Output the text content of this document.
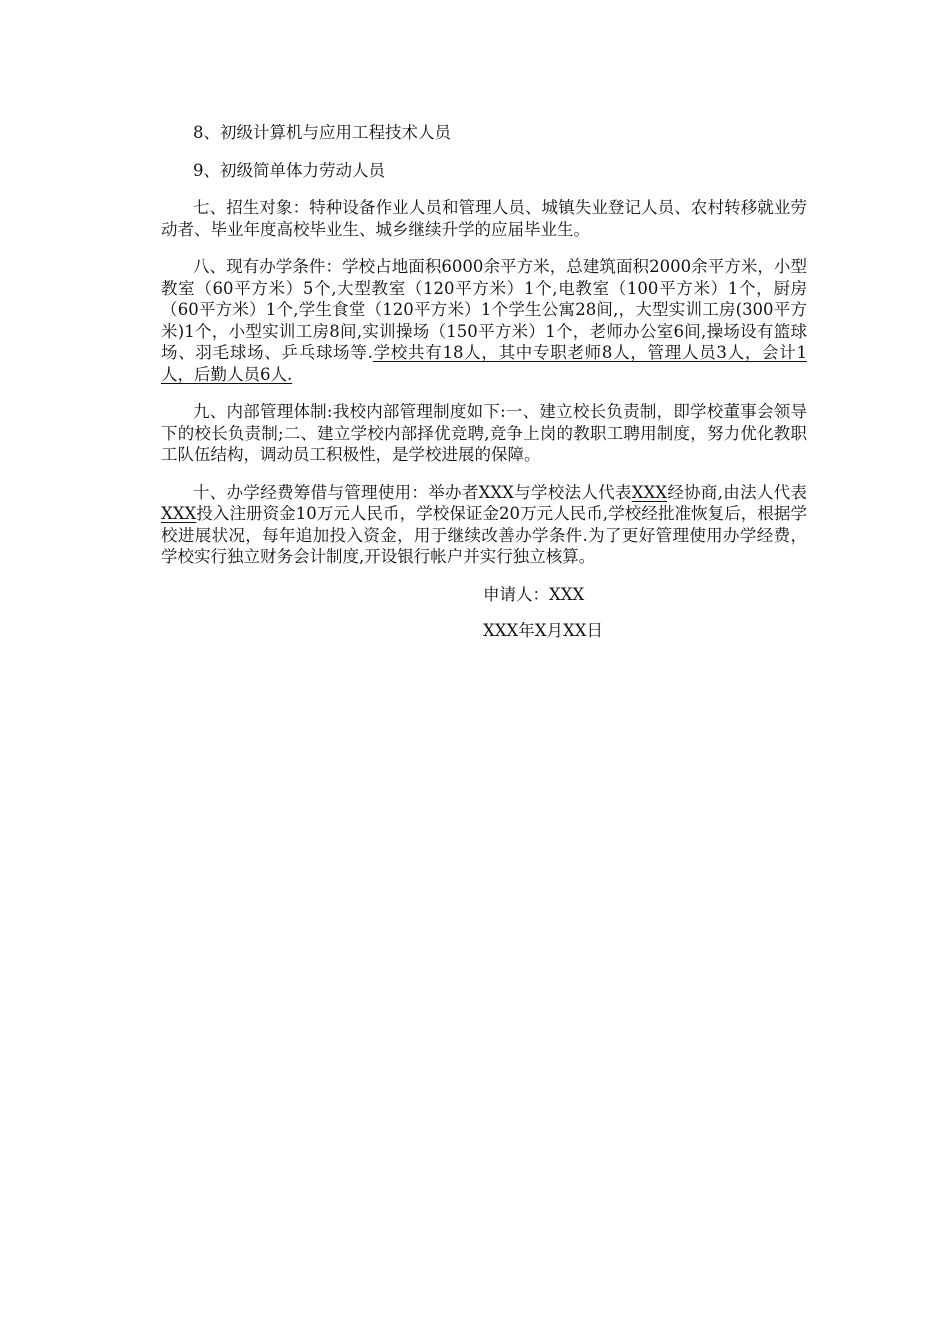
8、初级计算机与应用工程技术人员
9、初级简单体力劳动人员

七、招生对象：特种设备作业人员和管理人员、城镇失业登记人员、农村转移就业劳动者、毕业年度高校毕业生、城乡继续升学的应届毕业生。

八、现有办学条件：学校占地面积6000余平方米，总建筑面积2000余平方米，小型教室（60平方米）5个,大型教室（120平方米）1个,电教室（100平方米）1个，厨房（60平方米）1个,学生食堂（120平方米）1个学生公寓28间,，大型实训工房(300平方米)1个，小型实训工房8间,实训操场（150平方米）1个，老师办公室6间,操场设有篮球场、羽毛球场、乒乓球场等.学校共有18人，其中专职老师8人，管理人员3人，会计1人，后勤人员6人.

九、内部管理体制:我校内部管理制度如下:一、建立校长负责制，即学校董事会领导下的校长负责制;二、建立学校内部择优竞聘,竞争上岗的教职工聘用制度，努力优化教职工队伍结构，调动员工积极性，是学校进展的保障。

十、办学经费筹借与管理使用：举办者XXX与学校法人代表XXX经协商,由法人代表XXX投入注册资金10万元人民币，学校保证金20万元人民币,学校经批准恢复后，根据学校进展状况，每年追加投入资金，用于继续改善办学条件.为了更好管理使用办学经费，学校实行独立财务会计制度,开设银行帐户并实行独立核算。

申请人：XXX
XXX年X月XX日
